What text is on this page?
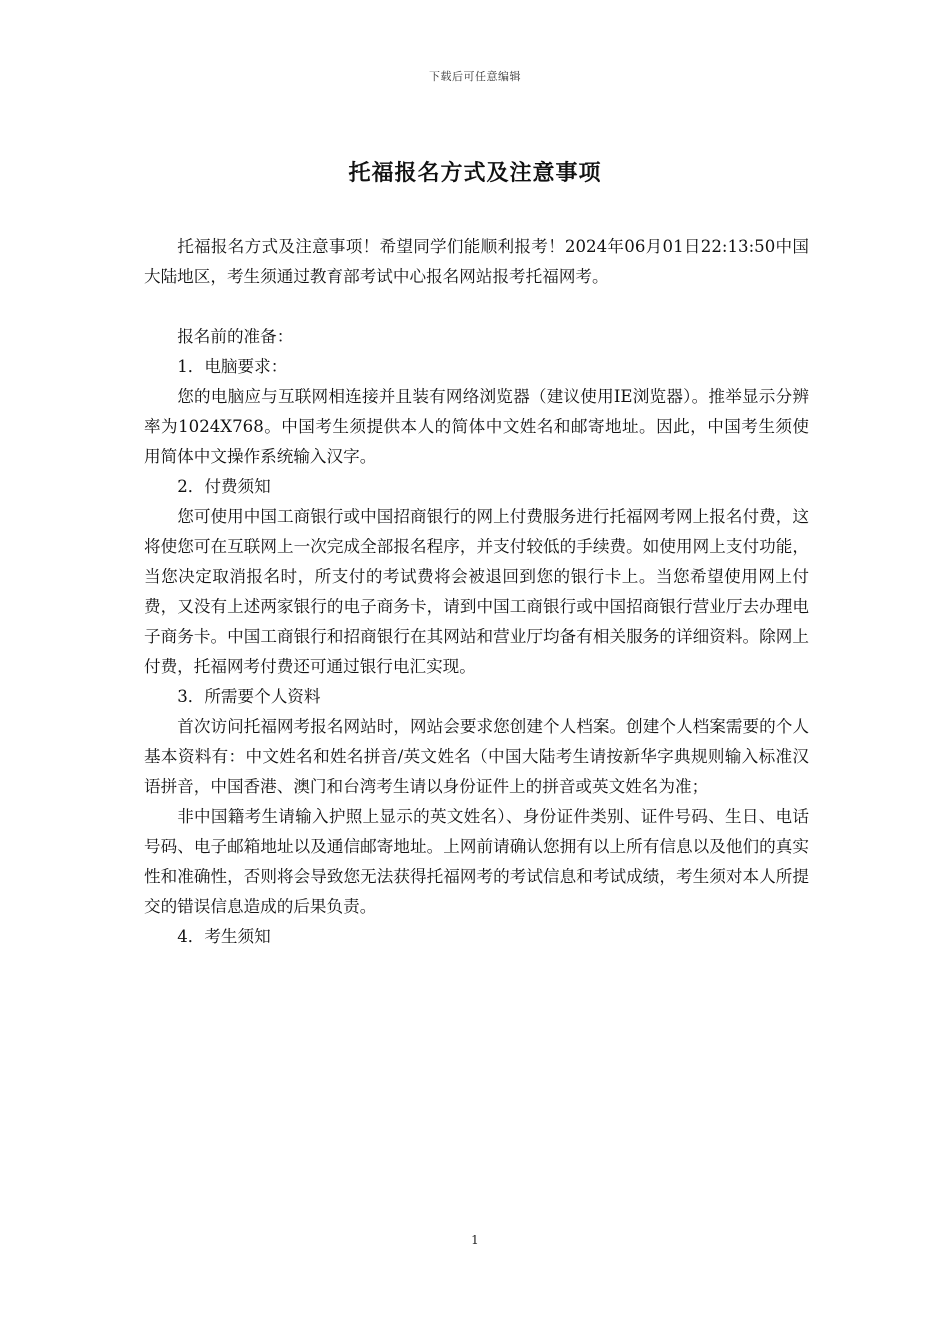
下载后可任意编辑
托福报名方式及注意事项

托福报名方式及注意事项！希望同学们能顺利报考！2024年06月01日22:13:50中国大陆地区，考生须通过教育部考试中心报名网站报考托福网考。

报名前的准备：

1．电脑要求：

您的电脑应与互联网相连接并且装有网络浏览器（建议使用IE浏览器）。推举显示分辨率为1024X768。中国考生须提供本人的简体中文姓名和邮寄地址。因此，中国考生须使用简体中文操作系统输入汉字。

2．付费须知

您可使用中国工商银行或中国招商银行的网上付费服务进行托福网考网上报名付费，这将使您可在互联网上一次完成全部报名程序，并支付较低的手续费。如使用网上支付功能，当您决定取消报名时，所支付的考试费将会被退回到您的银行卡上。当您希望使用网上付费，又没有上述两家银行的电子商务卡，请到中国工商银行或中国招商银行营业厅去办理电子商务卡。中国工商银行和招商银行在其网站和营业厅均备有相关服务的详细资料。除网上付费，托福网考付费还可通过银行电汇实现。

3．所需要个人资料

首次访问托福网考报名网站时，网站会要求您创建个人档案。创建个人档案需要的个人基本资料有：中文姓名和姓名拼音/英文姓名（中国大陆考生请按新华字典规则输入标准汉语拼音，中国香港、澳门和台湾考生请以身份证件上的拼音或英文姓名为准；

非中国籍考生请输入护照上显示的英文姓名）、身份证件类别、证件号码、生日、电话号码、电子邮箱地址以及通信邮寄地址。上网前请确认您拥有以上所有信息以及他们的真实性和准确性，否则将会导致您无法获得托福网考的考试信息和考试成绩，考生须对本人所提交的错误信息造成的后果负责。

4．考生须知

1
